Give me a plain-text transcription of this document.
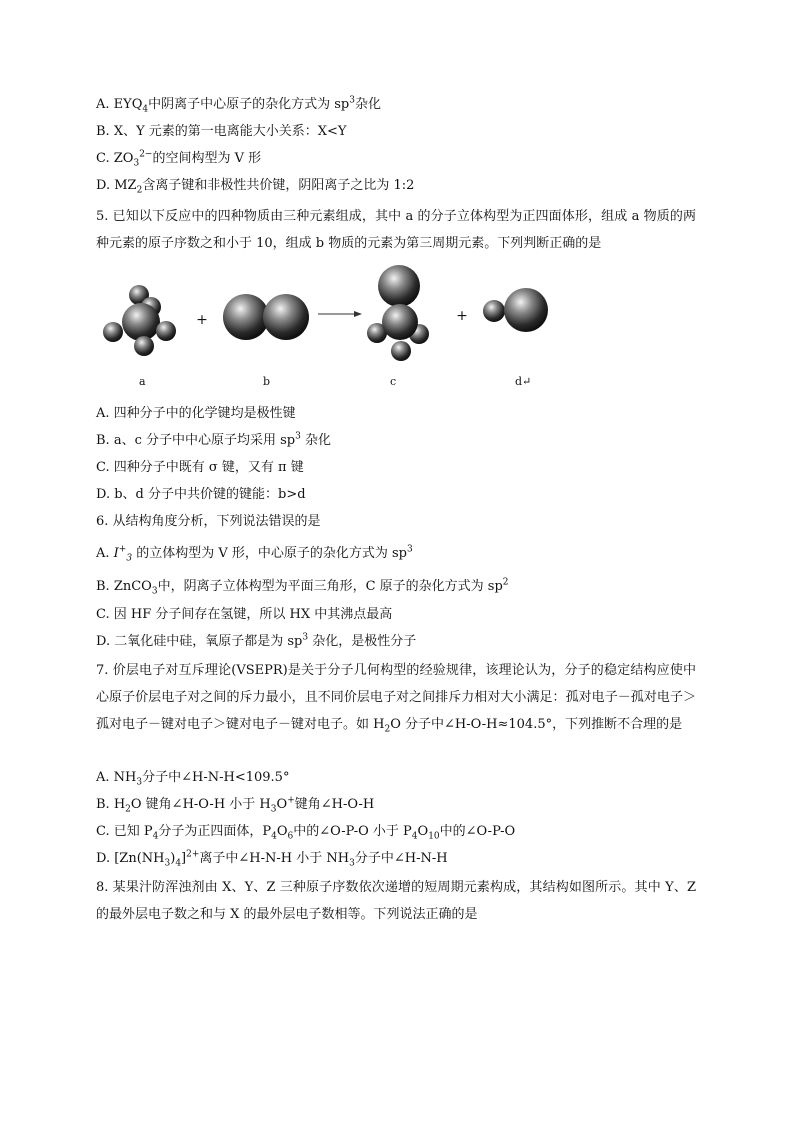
A. $EYQ_4$中阴离子中心原子的杂化方式为 $sp^3$杂化
B. X、Y 元素的第一电离能大小关系：X<Y
C. $ZO_3^{2-}$的空间构型为 V 形
D. $MZ_2$含离子键和非极性共价键，阴阳离子之比为 1:2
5. 已知以下反应中的四种物质由三种元素组成，其中 a 的分子立体构型为正四面体形，组成 a 物质的两种元素的原子序数之和小于 10，组成 b 物质的元素为第三周期元素。下列判断正确的是
+	+
a	b	c	d↵
A. 四种分子中的化学键均是极性键
B. a、c 分子中中心原子均采用 $sp^3$ 杂化
C. 四种分子中既有 σ 键，又有 π 键
D. b、d 分子中共价键的键能：b>d
6. 从结构角度分析，下列说法错误的是
A. $I^+_3$ 的立体构型为 V 形，中心原子的杂化方式为 $sp^3$
B. ZnCO$_3$中，阴离子立体构型为平面三角形，C 原子的杂化方式为 $sp^2$
C. 因 HF 分子间存在氢键，所以 HX 中其沸点最高
D. 二氧化硅中硅，氧原子都是为 $sp^3$ 杂化，是极性分子
7. 价层电子对互斥理论(VSEPR)是关于分子几何构型的经验规律，该理论认为，分子的稳定结构应使中心原子价层电子对之间的斥力最小，且不同价层电子对之间排斥力相对大小满足：孤对电子－孤对电子＞孤对电子－键对电子＞键对电子－键对电子。如 $H_2O$ 分子中∠H-O-H≈104.5°，下列推断不合理的是
A. $NH_3$分子中∠H-N-H<109.5°
B. $H_2O$ 键角∠H-O-H 小于 $H_3O^+$键角∠H-O-H
C. 已知 $P_4$分子为正四面体，$P_4O_6$中的∠O-P-O 小于 $P_4O_{10}$中的∠O-P-O
D. $[Zn(NH_3)_4]^{2+}$离子中∠H-N-H 小于 $NH_3$分子中∠H-N-H
8. 某果汁防浑浊剂由 X、Y、Z 三种原子序数依次递增的短周期元素构成，其结构如图所示。其中 Y、Z 的最外层电子数之和与 X 的最外层电子数相等。下列说法正确的是
